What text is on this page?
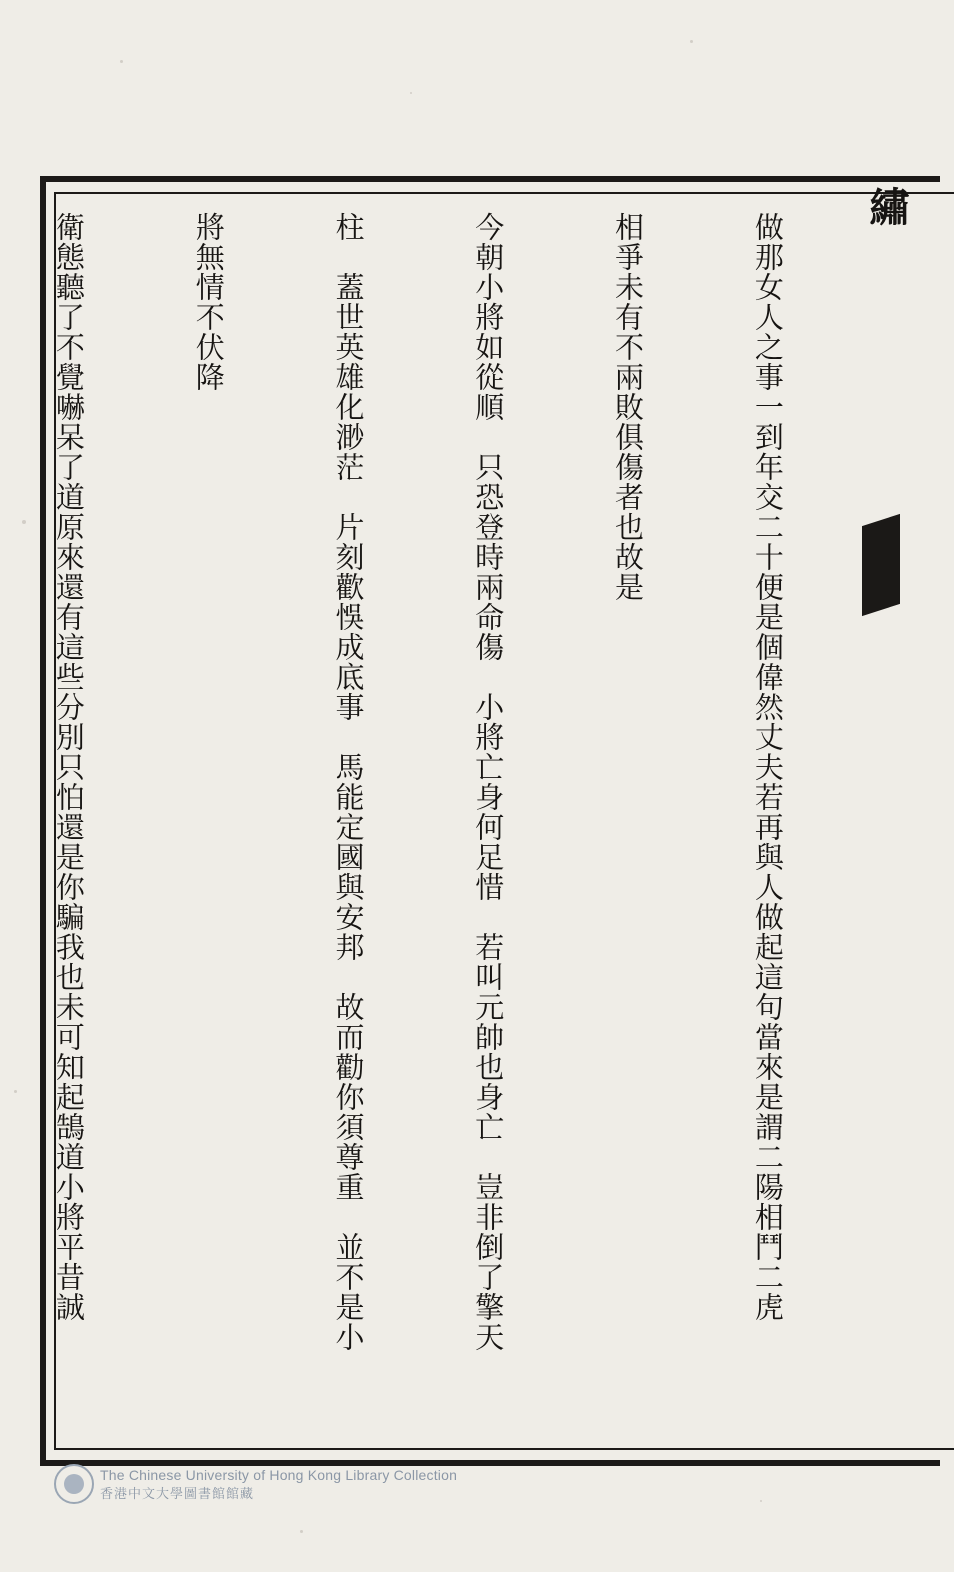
繡

做那女人之事一到年交二十便是個偉然丈夫若再與人做起這句當來是謂二陽相鬥二虎

相爭未有不兩敗俱傷者也故是

今朝小將如從順　只恐登時兩命傷　小將亡身何足惜　若叫元帥也身亡　豈非倒了擎天

柱　蓋世英雄化渺茫　片刻歡悞成底事　馬能定國與安邦　故而勸你須尊重　並不是小

將無情不伏降

衛態聽了不覺嚇呆了道原來還有這些分別只怕還是你騙我也未可知起鵠道小將平昔誠

The Chinese University of Hong Kong Library Collection
香港中文大學圖書館館藏
